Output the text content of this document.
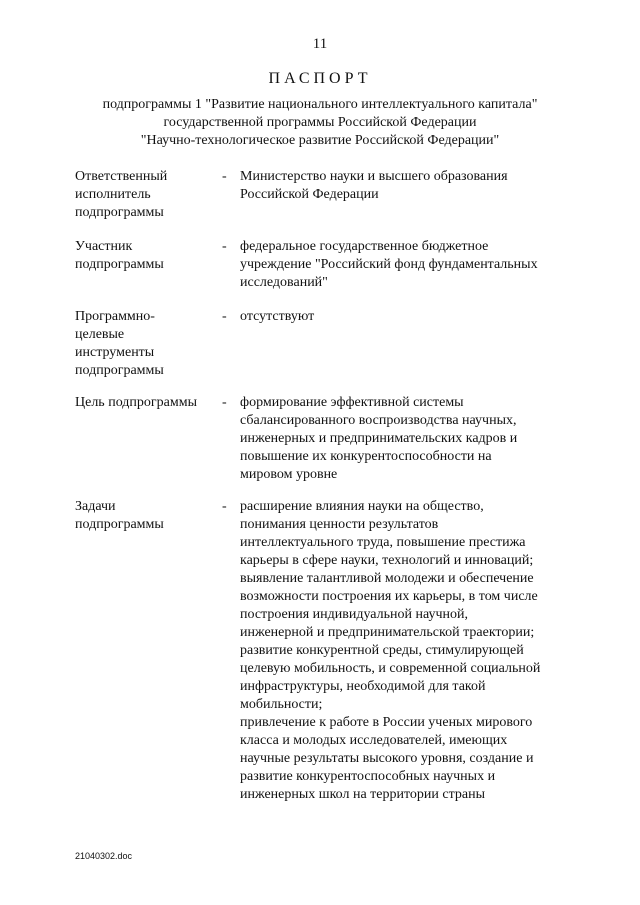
11
ПАСПОРТ
подпрограммы 1 "Развитие национального интеллектуального капитала"
государственной программы Российской Федерации
"Научно-технологическое развитие Российской Федерации"
Ответственный
исполнитель
подпрограммы
- Министерство науки и высшего образования
Российской Федерации
Участник
подпрограммы
- федеральное государственное бюджетное
учреждение "Российский фонд фундаментальных
исследований"
Программно-
целевые
инструменты
подпрограммы
- отсутствуют
Цель подпрограммы	- формирование эффективной системы
сбалансированного воспроизводства научных,
инженерных и предпринимательских кадров и
повышение их конкурентоспособности на
мировом уровне
Задачи
подпрограммы
- расширение влияния науки на общество,
понимания ценности результатов
интеллектуального труда, повышение престижа
карьеры в сфере науки, технологий и инноваций;
выявление талантливой молодежи и обеспечение
возможности построения их карьеры, в том числе
построения индивидуальной научной,
инженерной и предпринимательской траектории;
развитие конкурентной среды, стимулирующей
целевую мобильность, и современной социальной
инфраструктуры, необходимой для такой
мобильности;
привлечение к работе в России ученых мирового
класса и молодых исследователей, имеющих
научные результаты высокого уровня, создание и
развитие конкурентоспособных научных и
инженерных школ на территории страны
21040302.doc
